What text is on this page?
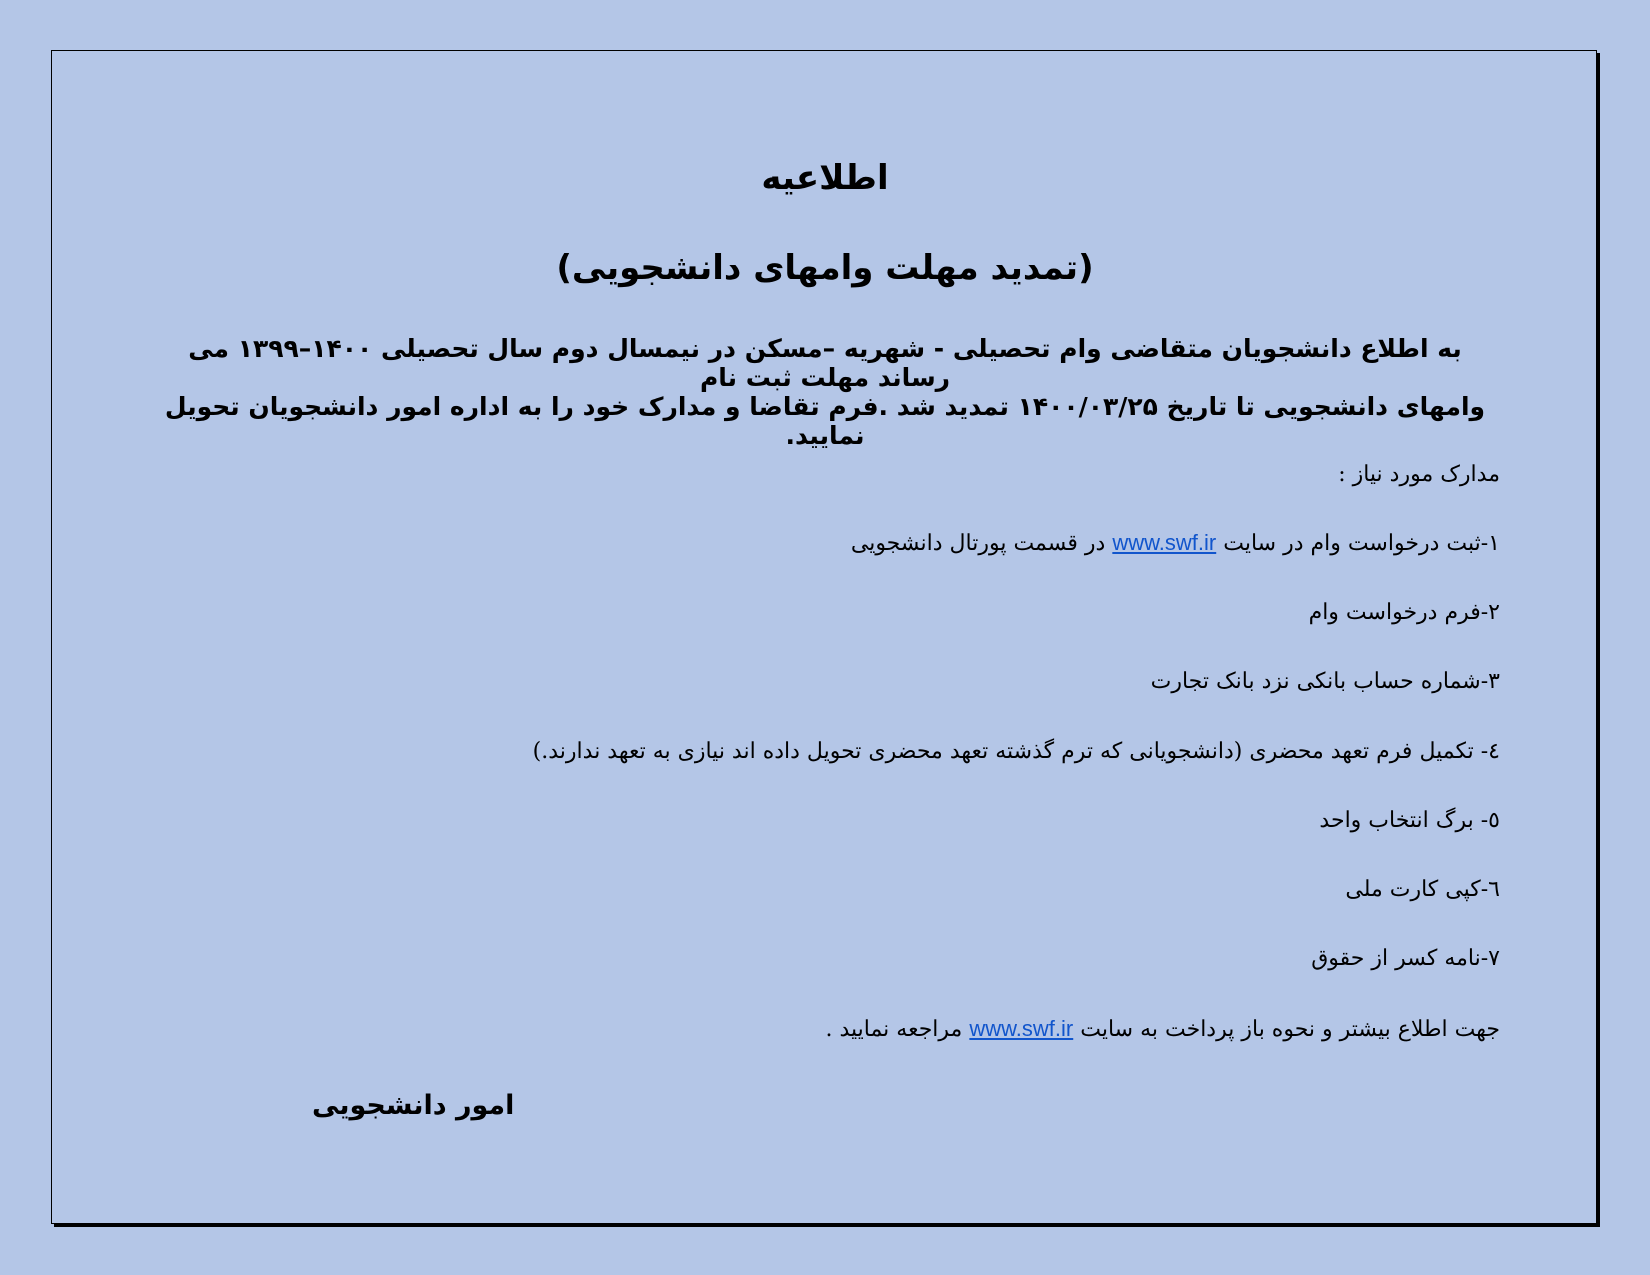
اطلاعیه
(تمدید مهلت وامهای دانشجویی)

به اطلاع دانشجویان متقاضی وام تحصیلی - شهریه –مسکن در نیمسال دوم سال تحصیلی ۱۴۰۰–۱۳۹۹ می رساند مهلت ثبت نام

وامهای دانشجویی تا تاریخ ۱۴۰۰/۰۳/۲۵ تمدید شد .فرم تقاضا و مدارک خود را به اداره امور دانشجویان تحویل نمایید.

مدارک مورد نیاز :

۱-ثبت درخواست وام در سایت www.swf.ir در قسمت پورتال دانشجویی

۲-فرم درخواست وام

۳-شماره حساب بانکی نزد بانک تجارت

٤- تکمیل فرم تعهد محضری (دانشجویانی که ترم گذشته تعهد محضری تحویل داده اند نیازی به تعهد ندارند.)

٥- برگ انتخاب واحد

٦-کپی کارت ملی

۷-نامه کسر از حقوق

جهت اطلاع بیشتر و نحوه باز پرداخت به سایت www.swf.ir مراجعه نمایید .

امور دانشجویی
